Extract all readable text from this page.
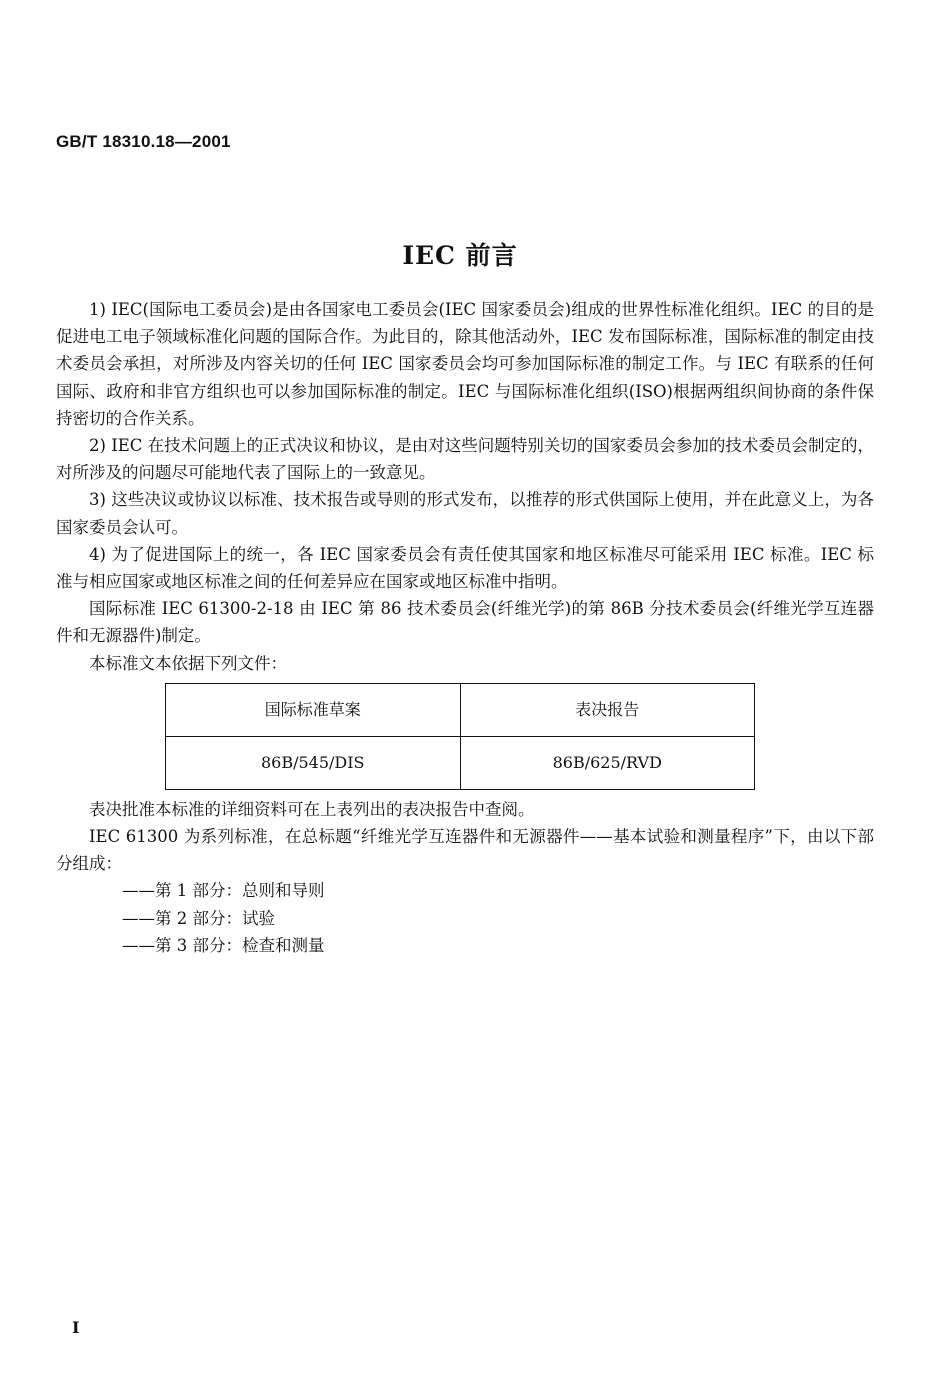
GB/T 18310.18—2001
IEC 前言

1) IEC(国际电工委员会)是由各国家电工委员会(IEC 国家委员会)组成的世界性标准化组织。IEC 的目的是促进电工电子领域标准化问题的国际合作。为此目的，除其他活动外，IEC 发布国际标准，国际标准的制定由技术委员会承担，对所涉及内容关切的任何 IEC 国家委员会均可参加国际标准的制定工作。与 IEC 有联系的任何国际、政府和非官方组织也可以参加国际标准的制定。IEC 与国际标准化组织(ISO)根据两组织间协商的条件保持密切的合作关系。

2) IEC 在技术问题上的正式决议和协议，是由对这些问题特别关切的国家委员会参加的技术委员会制定的，对所涉及的问题尽可能地代表了国际上的一致意见。

3) 这些决议或协议以标准、技术报告或导则的形式发布，以推荐的形式供国际上使用，并在此意义上，为各国家委员会认可。

4) 为了促进国际上的统一，各 IEC 国家委员会有责任使其国家和地区标准尽可能采用 IEC 标准。IEC 标准与相应国家或地区标准之间的任何差异应在国家或地区标准中指明。

国际标准 IEC 61300-2-18 由 IEC 第 86 技术委员会(纤维光学)的第 86B 分技术委员会(纤维光学互连器件和无源器件)制定。

本标准文本依据下列文件：

国际标准草案	表决报告
86B/545/DIS	86B/625/RVD

表决批准本标准的详细资料可在上表列出的表决报告中查阅。

IEC 61300 为系列标准，在总标题“纤维光学互连器件和无源器件——基本试验和测量程序”下，由以下部分组成：

——第 1 部分：总则和导则

——第 2 部分：试验

——第 3 部分：检查和测量

I
